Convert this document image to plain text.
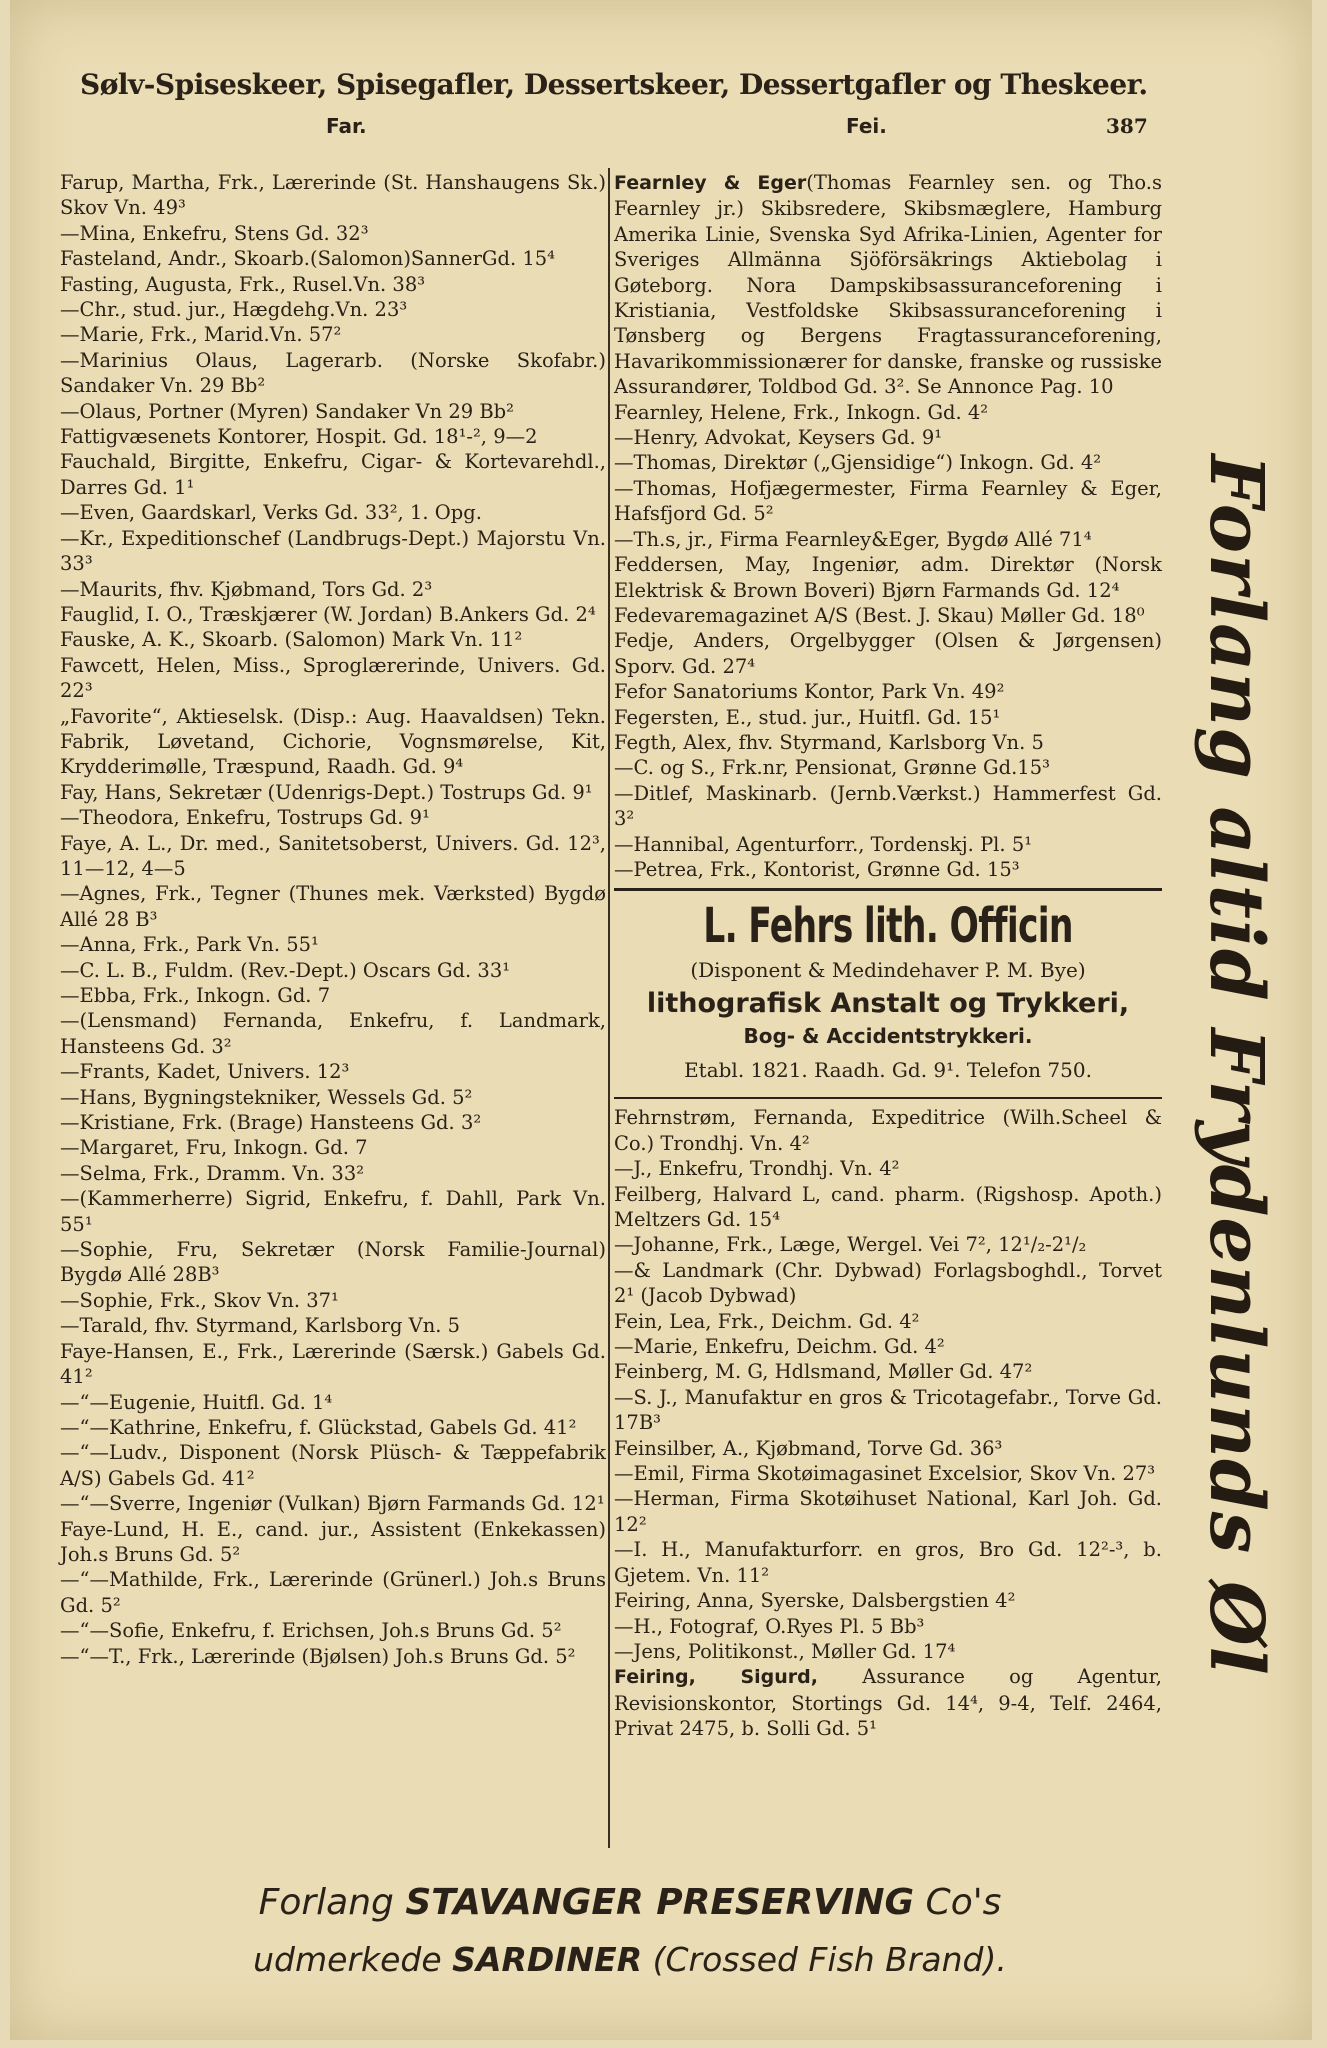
Sølv-Spiseskeer, Spisegafler, Dessertskeer, Dessertgafler og Theskeer.
Far.	Fei.	387
Farup, Martha, Frk., Lærerinde (St. Hanshaugens Sk.) Skov Vn. 49³
—Mina, Enkefru, Stens Gd. 32³
Fasteland, Andr., Skoarb.(Salomon)SannerGd. 15⁴
Fasting, Augusta, Frk., Rusel.Vn. 38³
—Chr., stud. jur., Hægdehg.Vn. 23³
—Marie, Frk., Marid.Vn. 57²
—Marinius Olaus, Lagerarb. (Norske Skofabr.) Sandaker Vn. 29 Bb²
—Olaus, Portner (Myren) Sandaker Vn 29 Bb²
Fattigvæsenets Kontorer, Hospit. Gd. 18¹-², 9—2
Fauchald, Birgitte, Enkefru, Cigar- & Kortevarehdl., Darres Gd. 1¹
—Even, Gaardskarl, Verks Gd. 33², 1. Opg.
—Kr., Expeditionschef (Landbrugs-Dept.) Majorstu Vn. 33³
—Maurits, fhv. Kjøbmand, Tors Gd. 2³
Fauglid, I. O., Træskjærer (W. Jordan) B.Ankers Gd. 2⁴
Fauske, A. K., Skoarb. (Salomon) Mark Vn. 11²
Fawcett, Helen, Miss., Sproglærerinde, Univers. Gd. 22³
„Favorite“, Aktieselsk. (Disp.: Aug. Haavaldsen) Tekn. Fabrik, Løvetand, Cichorie, Vognsmørelse, Kit, Krydderimølle, Træspund, Raadh. Gd. 9⁴
Fay, Hans, Sekretær (Udenrigs-Dept.) Tostrups Gd. 9¹
—Theodora, Enkefru, Tostrups Gd. 9¹
Faye, A. L., Dr. med., Sanitetsoberst, Univers. Gd. 12³, 11—12, 4—5
—Agnes, Frk., Tegner (Thunes mek. Værksted) Bygdø Allé 28 B³
—Anna, Frk., Park Vn. 55¹
—C. L. B., Fuldm. (Rev.-Dept.) Oscars Gd. 33¹
—Ebba, Frk., Inkogn. Gd. 7
—(Lensmand) Fernanda, Enkefru, f. Landmark, Hansteens Gd. 3²
—Frants, Kadet, Univers. 12³
—Hans, Bygningstekniker, Wessels Gd. 5²
—Kristiane, Frk. (Brage) Hansteens Gd. 3²
—Margaret, Fru, Inkogn. Gd. 7
—Selma, Frk., Dramm. Vn. 33²
—(Kammerherre) Sigrid, Enkefru, f. Dahll, Park Vn. 55¹
—Sophie, Fru, Sekretær (Norsk Familie-Journal) Bygdø Allé 28B³
—Sophie, Frk., Skov Vn. 37¹
—Tarald, fhv. Styrmand, Karlsborg Vn. 5
Faye-Hansen, E., Frk., Lærerinde (Særsk.) Gabels Gd. 41²
—“—Eugenie, Huitfl. Gd. 1⁴
—“—Kathrine, Enkefru, f. Glückstad, Gabels Gd. 41²
—“—Ludv., Disponent (Norsk Plüsch- & Tæppefabrik A/S) Gabels Gd. 41²
—“—Sverre, Ingeniør (Vulkan) Bjørn Farmands Gd. 12¹
Faye-Lund, H. E., cand. jur., Assistent (Enkekassen) Joh.s Bruns Gd. 5²
—“—Mathilde, Frk., Lærerinde (Grünerl.) Joh.s Bruns Gd. 5²
—“—Sofie, Enkefru, f. Erichsen, Joh.s Bruns Gd. 5²
—“—T., Frk., Lærerinde (Bjølsen) Joh.s Bruns Gd. 5²
Fearnley & Eger(Thomas Fearnley sen. og Tho.s Fearnley jr.) Skibsredere, Skibsmæglere, Hamburg Amerika Linie, Svenska Syd Afrika-Linien, Agenter for Sveriges Allmänna Sjöförsäkrings Aktiebolag i Gøteborg. Nora Dampskibsassuranceforening i Kristiania, Vestfoldske Skibsassuranceforening i Tønsberg og Bergens Fragtassuranceforening, Havarikommissionærer for danske, franske og russiske Assurandører, Toldbod Gd. 3². Se Annonce Pag. 10
Fearnley, Helene, Frk., Inkogn. Gd. 4²
—Henry, Advokat, Keysers Gd. 9¹
—Thomas, Direktør („Gjensidige“) Inkogn. Gd. 4²
—Thomas, Hofjægermester, Firma Fearnley & Eger, Hafsfjord Gd. 5²
—Th.s, jr., Firma Fearnley&Eger, Bygdø Allé 71⁴
Feddersen, May, Ingeniør, adm. Direktør (Norsk Elektrisk & Brown Boveri) Bjørn Farmands Gd. 12⁴
Fedevaremagazinet A/S (Best. J. Skau) Møller Gd. 18⁰
Fedje, Anders, Orgelbygger (Olsen & Jørgensen) Sporv. Gd. 27⁴
Fefor Sanatoriums Kontor, Park Vn. 49²
Fegersten, E., stud. jur., Huitfl. Gd. 15¹
Fegth, Alex, fhv. Styrmand, Karlsborg Vn. 5
—C. og S., Frk.nr, Pensionat, Grønne Gd.15³
—Ditlef, Maskinarb. (Jernb.Værkst.) Hammerfest Gd. 3²
—Hannibal, Agenturforr., Tordenskj. Pl. 5¹
—Petrea, Frk., Kontorist, Grønne Gd. 15³
L. Fehrs lith. Officin
(Disponent & Medindehaver P. M. Bye)
lithografisk Anstalt og Trykkeri,
Bog- & Accidentstrykkeri.
Etabl. 1821. Raadh. Gd. 9¹. Telefon 750.
Fehrnstrøm, Fernanda, Expeditrice (Wilh.Scheel & Co.) Trondhj. Vn. 4²
—J., Enkefru, Trondhj. Vn. 4²
Feilberg, Halvard L, cand. pharm. (Rigshosp. Apoth.) Meltzers Gd. 15⁴
—Johanne, Frk., Læge, Wergel. Vei 7², 12¹/₂-2¹/₂
—& Landmark (Chr. Dybwad) Forlagsboghdl., Torvet 2¹ (Jacob Dybwad)
Fein, Lea, Frk., Deichm. Gd. 4²
—Marie, Enkefru, Deichm. Gd. 4²
Feinberg, M. G, Hdlsmand, Møller Gd. 47²
—S. J., Manufaktur en gros & Tricotagefabr., Torve Gd. 17B³
Feinsilber, A., Kjøbmand, Torve Gd. 36³
—Emil, Firma Skotøimagasinet Excelsior, Skov Vn. 27³
—Herman, Firma Skotøihuset National, Karl Joh. Gd. 12²
—I. H., Manufakturforr. en gros, Bro Gd. 12²-³, b. Gjetem. Vn. 11²
Feiring, Anna, Syerske, Dalsbergstien 4²
—H., Fotograf, O.Ryes Pl. 5 Bb³
—Jens, Politikonst., Møller Gd. 17⁴
Feiring, Sigurd, Assurance og Agentur, Revisionskontor, Stortings Gd. 14⁴, 9-4, Telf. 2464, Privat 2475, b. Solli Gd. 5¹
Forlang altid Frydenlunds Øl
Forlang STAVANGER PRESERVING Co's
udmerkede SARDINER (Crossed Fish Brand).
